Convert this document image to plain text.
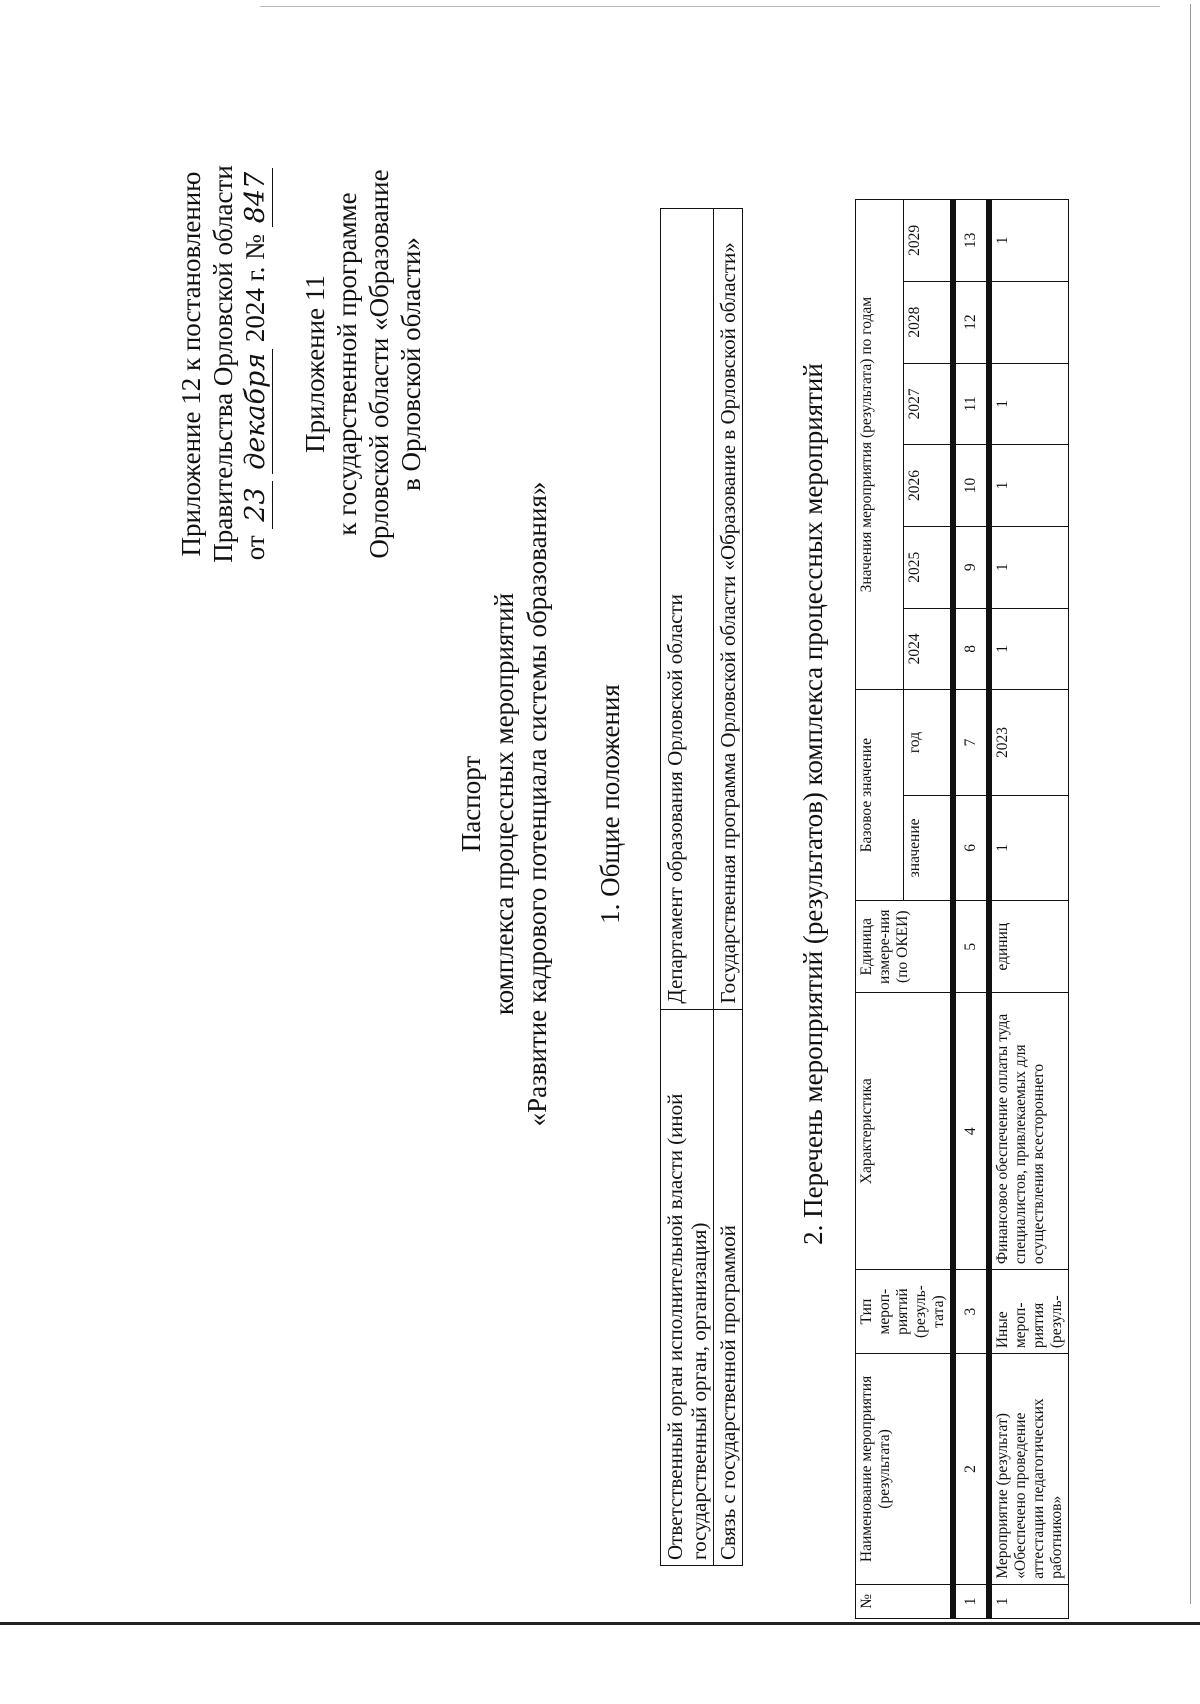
Приложение 12 к постановлению Правительства Орловской области от 23 декабря 2024 г. № 847
Приложение 11 к государственной программе Орловской области «Образование в Орловской области»
Паспорт комплекса процессных мероприятий «Развитие кадрового потенциала системы образования» 1. Общие положения
Ответственный орган исполнительной власти (иной государственный орган, организация)	Департамент образования Орловской области
Связь с государственной программой	Государственная программа Орловской области «Образование в Орловской области» 2. Перечень мероприятий (результатов) комплекса процессных мероприятий
№	Наименование мероприятия (результата)	Тип мероп-риятий (резуль-тата)	Характеристика	Единица измере-ния (по ОКЕИ)	Базовое значение		Значения мероприятия (результата) по годам					
					значение	год	2024	2025	2026	2027	2028	2029

1	2	3	4	5	6	7	8	9	10	11	12	13

1	Мероприятие (результат) «Обеспечено проведение аттестации педагогических работников»	Иные мероп-риятия (резуль-	Финансовое обеспечение оплаты туда специалистов, привлекаемых для осуществления всестороннего	единиц	1	2023	1	1	1	1		1
